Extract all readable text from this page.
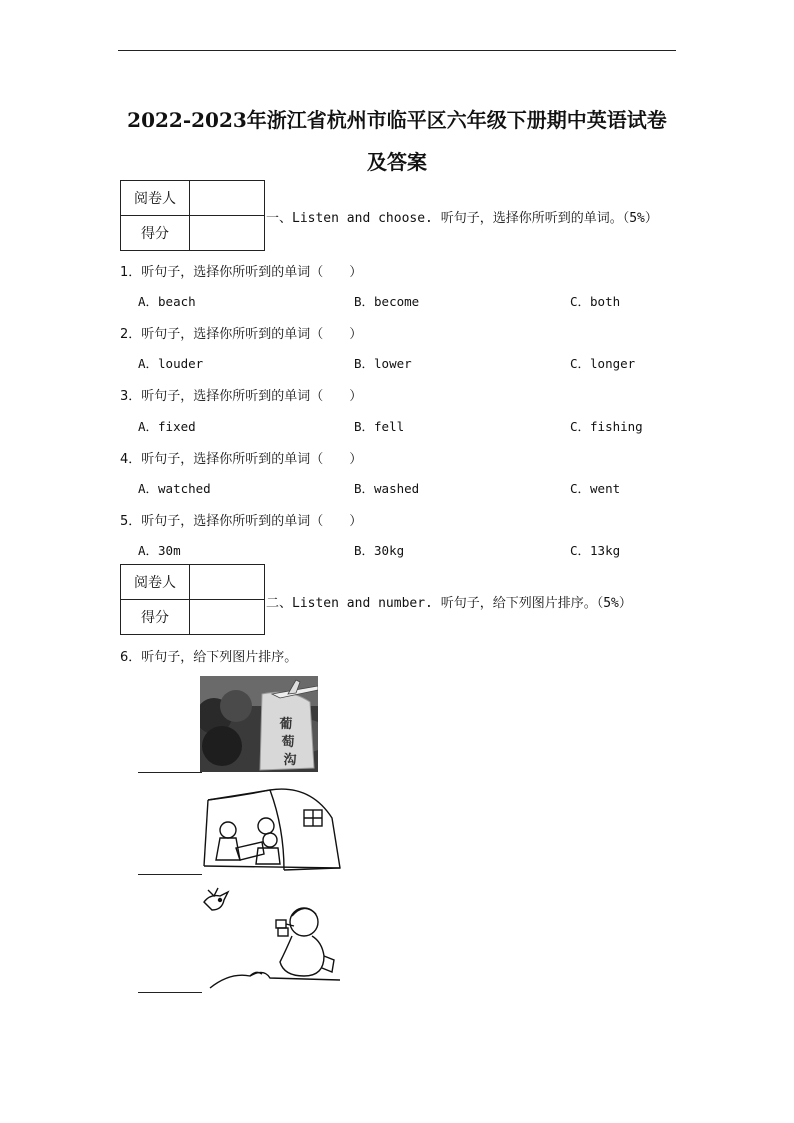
2022-2023年浙江省杭州市临平区六年级下册期中英语试卷
及答案
阅卷人	
得分	
一、Listen and choose. 听句子，选择你所听到的单词。（5%）
1．听句子，选择你所听到的单词（　　）
A．beach	B．become	C．both
2．听句子，选择你所听到的单词（　　）
A．louder	B．lower	C．longer
3．听句子，选择你所听到的单词（　　）
A．fixed	B．fell	C．fishing
4．听句子，选择你所听到的单词（　　）
A．watched	B．washed	C．went
5．听句子，选择你所听到的单词（　　）
A．30m	B．30kg	C．13kg
阅卷人	
得分	
二、Listen and number. 听句子，给下列图片排序。（5%）
6．听句子，给下列图片排序。
葡
萄
沟
